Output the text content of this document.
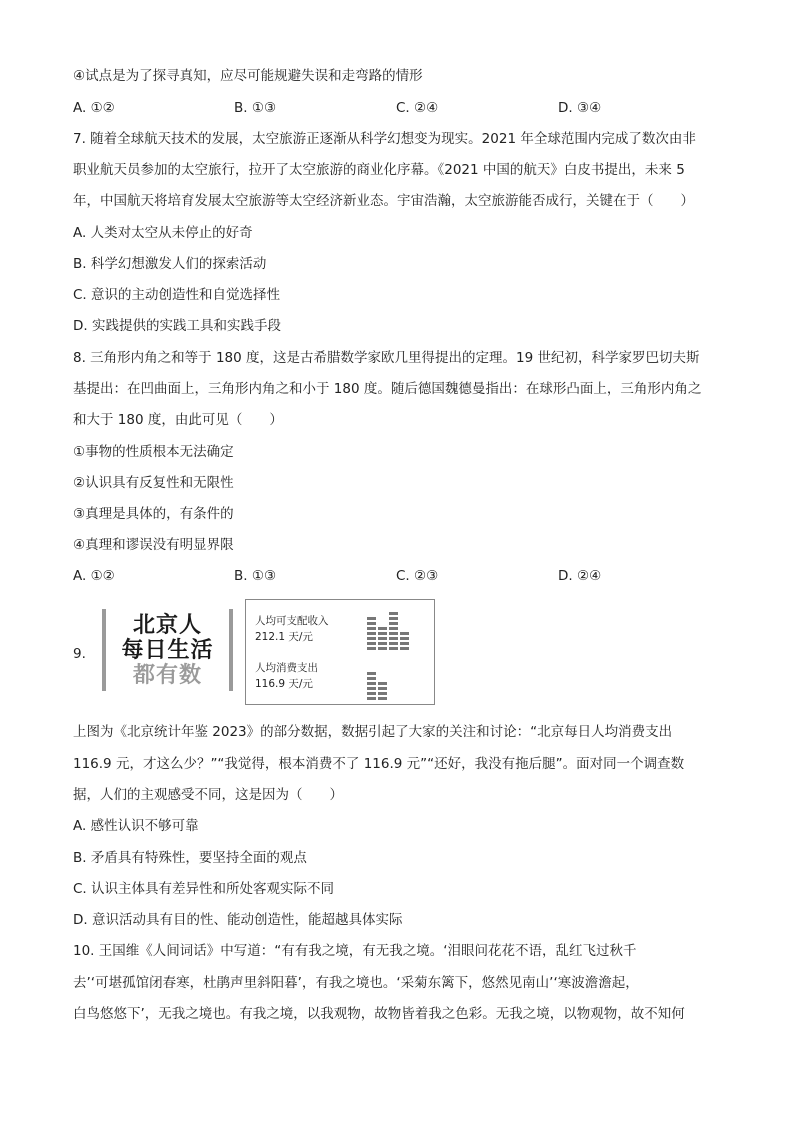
④试点是为了探寻真知，应尽可能规避失误和走弯路的情形
A. ①②	B. ①③	C. ②④	D. ③④
7. 随着全球航天技术的发展，太空旅游正逐渐从科学幻想变为现实。2021 年全球范围内完成了数次由非
职业航天员参加的太空旅行，拉开了太空旅游的商业化序幕。《2021 中国的航天》白皮书提出，未来 5
年，中国航天将培育发展太空旅游等太空经济新业态。宇宙浩瀚，太空旅游能否成行，关键在于（　　）
A. 人类对太空从未停止的好奇
B. 科学幻想激发人们的探索活动
C. 意识的主动创造性和自觉选择性
D. 实践提供的实践工具和实践手段
8. 三角形内角之和等于 180 度，这是古希腊数学家欧几里得提出的定理。19 世纪初，科学家罗巴切夫斯
基提出：在凹曲面上，三角形内角之和小于 180 度。随后德国魏德曼指出：在球形凸面上，三角形内角之
和大于 180 度，由此可见（　　）
①事物的性质根本无法确定
②认识具有反复性和无限性
③真理是具体的，有条件的
④真理和谬误没有明显界限
A. ①②	B. ①③	C. ②③	D. ②④
9.
北京人
每日生活
都有数
人均可支配收入
212.1 天/元
人均消费支出
116.9 天/元
上图为《北京统计年鉴 2023》的部分数据，数据引起了大家的关注和讨论：“北京每日人均消费支出
116.9 元，才这么少？”“我觉得，根本消费不了 116.9 元”“还好，我没有拖后腿”。面对同一个调查数
据，人们的主观感受不同，这是因为（　　）
A. 感性认识不够可靠
B. 矛盾具有特殊性，要坚持全面的观点
C. 认识主体具有差异性和所处客观实际不同
D. 意识活动具有目的性、能动创造性，能超越具体实际
10. 王国维《人间词话》中写道：“有有我之境，有无我之境。‘泪眼问花花不语，乱红飞过秋千
去’‘可堪孤馆闭春寒，杜鹃声里斜阳暮’，有我之境也。‘采菊东篱下，悠然见南山’‘寒波澹澹起，
白鸟悠悠下’，无我之境也。有我之境，以我观物，故物皆着我之色彩。无我之境，以物观物，故不知何
